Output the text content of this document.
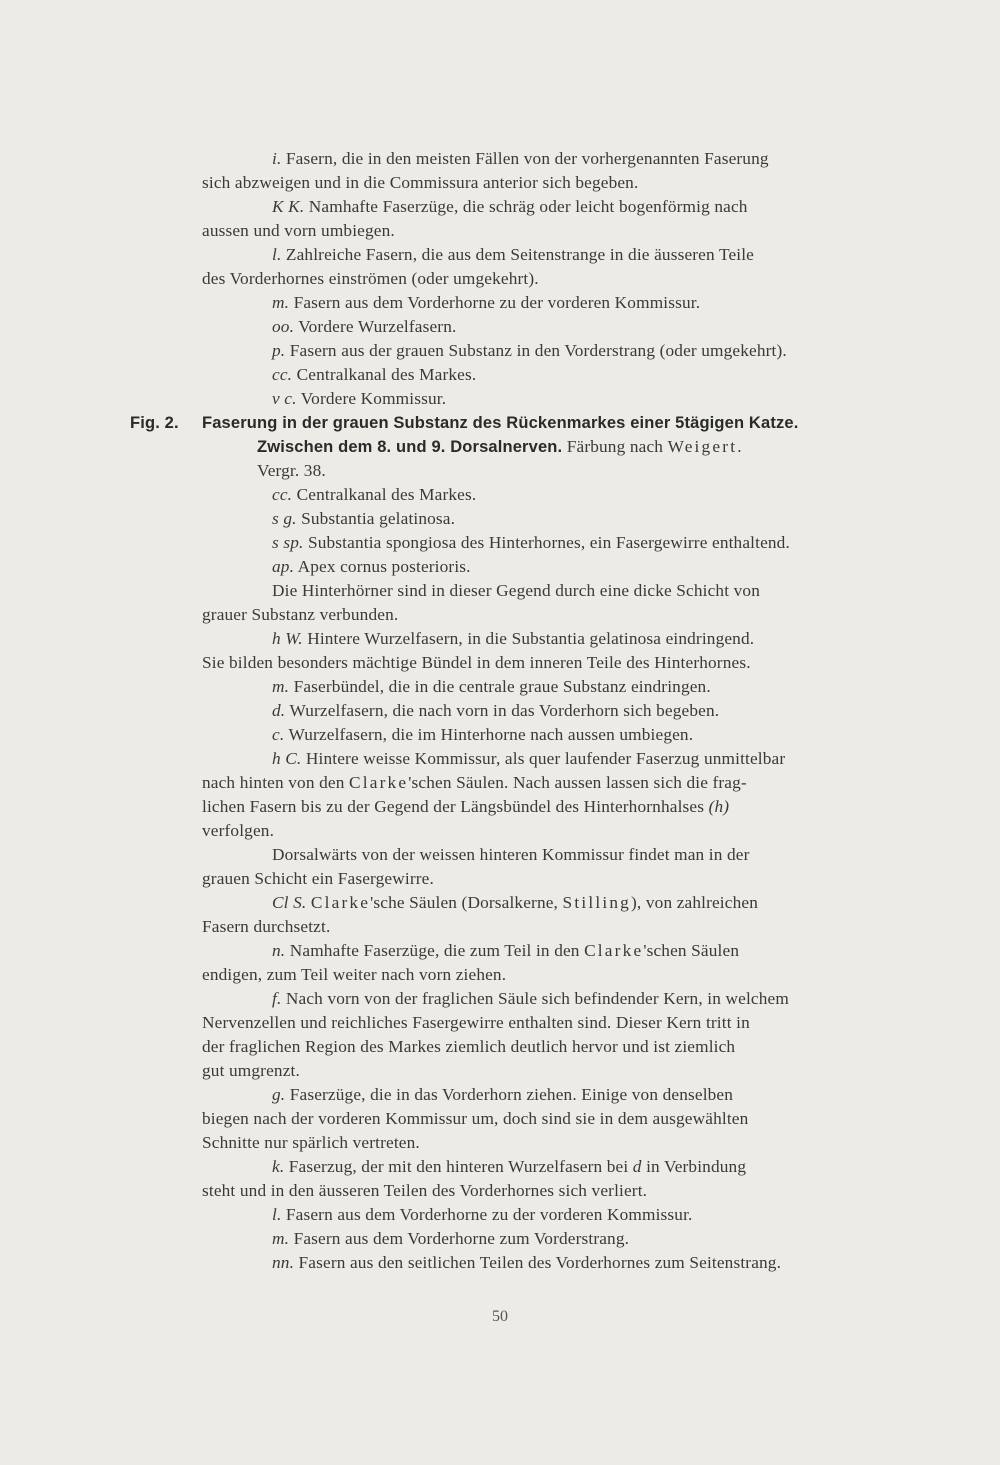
i. Fasern, die in den meisten Fällen von der vorhergenannten Faserung
sich abzweigen und in die Commissura anterior sich begeben.
K K. Namhafte Faserzüge, die schräg oder leicht bogenförmig nach
aussen und vorn umbiegen.
l. Zahlreiche Fasern, die aus dem Seitenstrange in die äusseren Teile
des Vorderhornes einströmen (oder umgekehrt).
m. Fasern aus dem Vorderhorne zu der vorderen Kommissur.
oo. Vordere Wurzelfasern.
p. Fasern aus der grauen Substanz in den Vorderstrang (oder umgekehrt).
cc. Centralkanal des Markes.
v c. Vordere Kommissur.
Fig. 2. Faserung in der grauen Substanz des Rückenmarkes einer 5tägigen Katze.
Zwischen dem 8. und 9. Dorsalnerven. Färbung nach Weigert.
Vergr. 38.
cc. Centralkanal des Markes.
s g. Substantia gelatinosa.
s sp. Substantia spongiosa des Hinterhornes, ein Fasergewirre enthaltend.
ap. Apex cornus posterioris.
Die Hinterhörner sind in dieser Gegend durch eine dicke Schicht von
grauer Substanz verbunden.
h W. Hintere Wurzelfasern, in die Substantia gelatinosa eindringend.
Sie bilden besonders mächtige Bündel in dem inneren Teile des Hinterhornes.
m. Faserbündel, die in die centrale graue Substanz eindringen.
d. Wurzelfasern, die nach vorn in das Vorderhorn sich begeben.
c. Wurzelfasern, die im Hinterhorne nach aussen umbiegen.
h C. Hintere weisse Kommissur, als quer laufender Faserzug unmittelbar
nach hinten von den Clarke'schen Säulen. Nach aussen lassen sich die frag-
lichen Fasern bis zu der Gegend der Längsbündel des Hinterhornhalses (h)
verfolgen.
Dorsalwärts von der weissen hinteren Kommissur findet man in der
grauen Schicht ein Fasergewirre.
Cl S. Clarke'sche Säulen (Dorsalkerne, Stilling), von zahlreichen
Fasern durchsetzt.
n. Namhafte Faserzüge, die zum Teil in den Clarke'schen Säulen
endigen, zum Teil weiter nach vorn ziehen.
f. Nach vorn von der fraglichen Säule sich befindender Kern, in welchem
Nervenzellen und reichliches Fasergewirre enthalten sind. Dieser Kern tritt in
der fraglichen Region des Markes ziemlich deutlich hervor und ist ziemlich
gut umgrenzt.
g. Faserzüge, die in das Vorderhorn ziehen. Einige von denselben
biegen nach der vorderen Kommissur um, doch sind sie in dem ausgewählten
Schnitte nur spärlich vertreten.
k. Faserzug, der mit den hinteren Wurzelfasern bei d in Verbindung
steht und in den äusseren Teilen des Vorderhornes sich verliert.
l. Fasern aus dem Vorderhorne zu der vorderen Kommissur.
m. Fasern aus dem Vorderhorne zum Vorderstrang.
nn. Fasern aus den seitlichen Teilen des Vorderhornes zum Seitenstrang.
50
